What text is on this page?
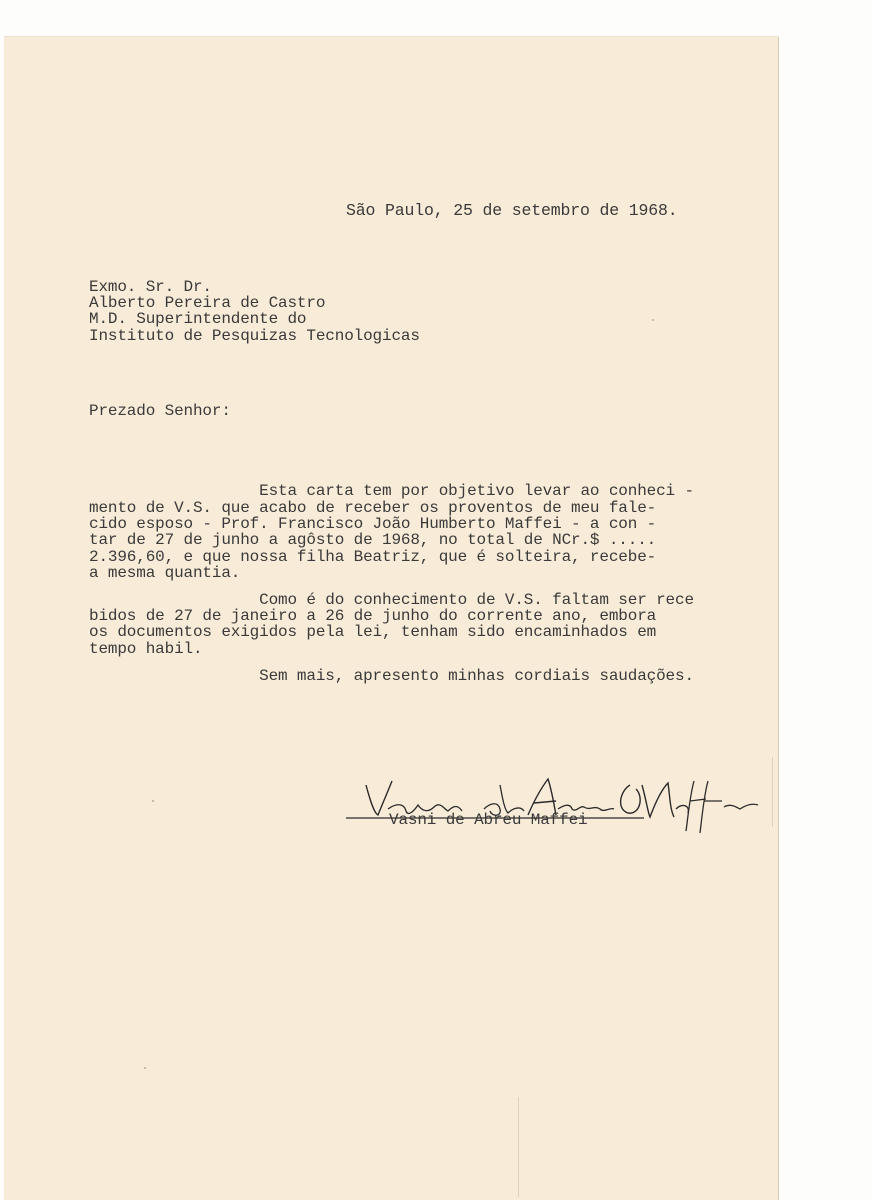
São Paulo, 25 de setembro de 1968.
Exmo. Sr. Dr.
Alberto Pereira de Castro
M.D. Superintendente do
Instituto de Pesquizas Tecnologicas
Prezado Senhor:
Esta carta tem por objetivo levar ao conheci -
mento de V.S. que acabo de receber os proventos de meu fale-
cido esposo - Prof. Francisco João Humberto Maffei - a con -
tar de 27 de junho a agôsto de 1968, no total de NCr.$ .....
2.396,60, e que nossa filha Beatriz, que é solteira, recebe-
a mesma quantia.
Como é do conhecimento de V.S. faltam ser rece
bidos de 27 de janeiro a 26 de junho do corrente ano, embora
os documentos exigidos pela lei, tenham sido encaminhados em
tempo habil.
Sem mais, apresento minhas cordiais saudações.
Vasni de Abreu Maffei
